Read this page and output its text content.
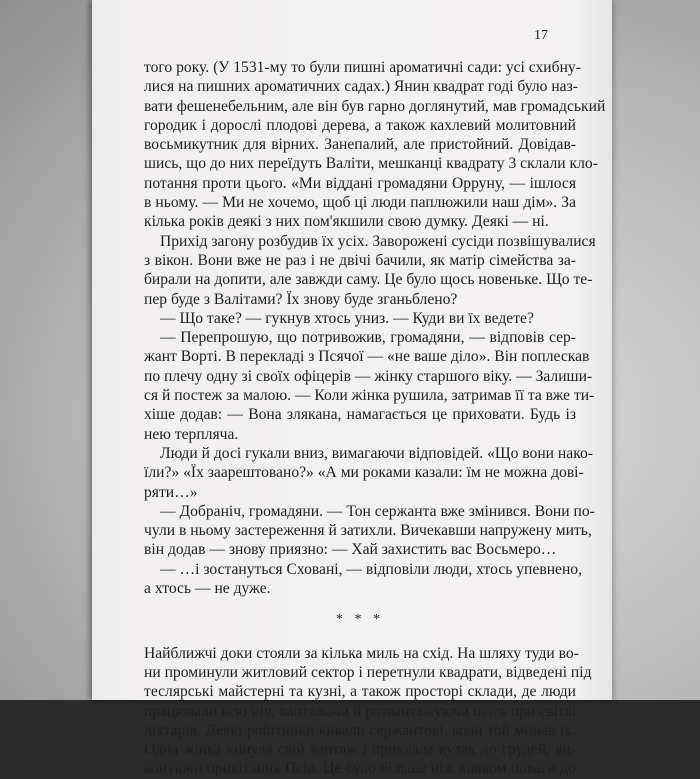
17
того року. (У 1531-му то були пишні ароматичні сади: усі схибну-
лися на пишних ароматичних садах.) Янин квадрат годі було наз-
вати фешенебельним, але він був гарно доглянутий, мав громадський
городик і дорослі плодові дерева, а також кахлевий молитовний
восьмикутник для вірних. Занепалий, але пристойний. Довідав-
шись, що до них переїдуть Валіти, мешканці квадрату 3 склали кло-
потання проти цього. «Ми віддані громадяни Орруну, — ішлося
в ньому. — Ми не хочемо, щоб ці люди паплюжили наш дім». За
кілька років деякі з них пом'якшили свою думку. Деякі — ні.
Прихід загону розбудив їх усіх. Заворожені сусіди позвішувалися
з вікон. Вони вже не раз і не двічі бачили, як матір сімейства за-
бирали на допити, але завжди саму. Це було щось новеньке. Що те-
пер буде з Валітами? Їх знову буде зганьблено?
— Що таке? — гукнув хтось униз. — Куди ви їх ведете?
— Перепрошую, що потривожив, громадяни, — відповів сер-
жант Ворті. В перекладі з Псячої — «не ваше діло». Він поплескав
по плечу одну зі своїх офіцерів — жінку старшого віку. — Залиши-
ся й постеж за малою. — Коли жінка рушила, затримав її та вже ти-
хіше додав: — Вона злякана, намагається це приховати. Будь із
нею терпляча.
Люди й досі гукали вниз, вимагаючи відповідей. «Що вони нако-
їли?» «Їх заарештовано?» «А ми роками казали: їм не можна дові-
ряти…»
— Добраніч, громадяни. — Тон сержанта вже змінився. Вони по-
чули в ньому застереження й затихли. Вичекавши напружену мить,
він додав — знову приязно: — Хай захистить вас Восьмеро…
— …і зостануться Сховані, — відповіли люди, хтось упевнено,
а хтось — не дуже.
* * *
Найближчі доки стояли за кілька миль на схід. На шляху туди во-
ни проминули житловий сектор і перетнули квадрати, відведені під
теслярські майстерні та кузні, а також просторі склади, де люди
працювали всю ніч, вантажачи й розвантажуючи щось при світлі
ліхтарів. Деякі робітники кивали сержантові, коли той минав їх.
Одна жінка кинула свій вантаж і приклала кулак до грудей, ви-
конуючи привітання Псів. Це було більше ніж виявом поваги до
